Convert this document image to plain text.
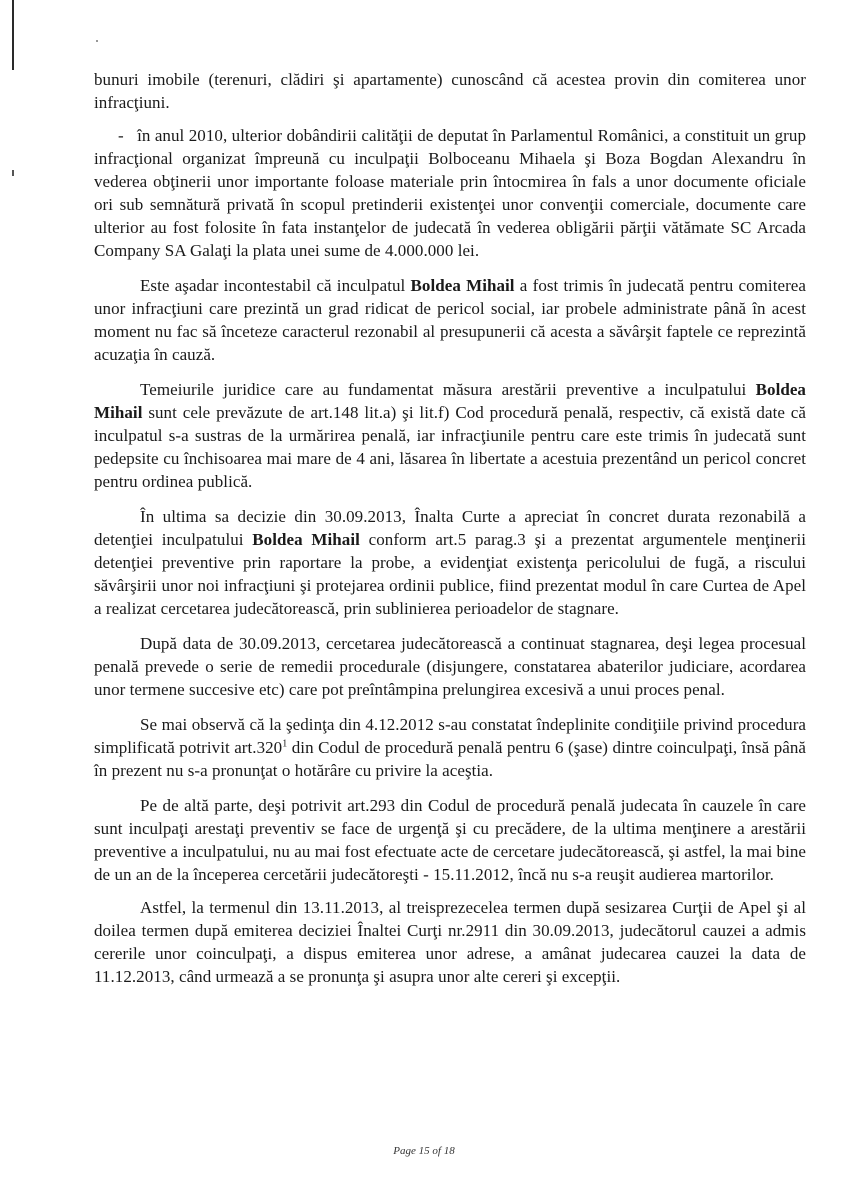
bunuri imobile (terenuri, clădiri şi apartamente) cunoscând că acestea provin din comiterea unor infracţiuni.

- în anul 2010, ulterior dobândirii calităţii de deputat în Parlamentul Românici, a constituit un grup infracţional organizat împreună cu inculpaţii Bolboceanu Mihaela şi Boza Bogdan Alexandru în vederea obţinerii unor importante foloase materiale prin întocmirea în fals a unor documente oficiale ori sub semnătură privată în scopul pretinderii existenţei unor convenţii comerciale, documente care ulterior au fost folosite în fata instanţelor de judecată în vederea obligării părţii vătămate SC Arcada Company SA Galaţi la plata unei sume de 4.000.000 lei.

Este aşadar incontestabil că inculpatul Boldea Mihail a fost trimis în judecată pentru comiterea unor infracţiuni care prezintă un grad ridicat de pericol social, iar probele administrate până în acest moment nu fac să înceteze caracterul rezonabil al presupunerii că acesta a săvârşit faptele ce reprezintă acuzaţia în cauză.

Temeiurile juridice care au fundamentat măsura arestării preventive a inculpatului Boldea Mihail sunt cele prevăzute de art.148 lit.a) şi lit.f) Cod procedură penală, respectiv, că există date că inculpatul s-a sustras de la urmărirea penală, iar infracţiunile pentru care este trimis în judecată sunt pedepsite cu închisoarea mai mare de 4 ani, lăsarea în libertate a acestuia prezentând un pericol concret pentru ordinea publică.

În ultima sa decizie din 30.09.2013, Înalta Curte a apreciat în concret durata rezonabilă a detenţiei inculpatului Boldea Mihail conform art.5 parag.3 şi a prezentat argumentele menţinerii detenţiei preventive prin raportare la probe, a evidenţiat existenţa pericolului de fugă, a riscului săvârşirii unor noi infracţiuni şi protejarea ordinii publice, fiind prezentat modul în care Curtea de Apel a realizat cercetarea judecătorească, prin sublinierea perioadelor de stagnare.

După data de 30.09.2013, cercetarea judecătorească a continuat stagnarea, deşi legea procesual penală prevede o serie de remedii procedurale (disjungere, constatarea abaterilor judiciare, acordarea unor termene succesive etc) care pot preîntâmpina prelungirea excesivă a unui proces penal.

Se mai observă că la şedinţa din 4.12.2012 s-au constatat îndeplinite condiţiile privind procedura simplificată potrivit art.320$^1$ din Codul de procedură penală pentru 6 (şase) dintre coinculpaţi, însă până în prezent nu s-a pronunţat o hotărâre cu privire la aceştia.

Pe de altă parte, deşi potrivit art.293 din Codul de procedură penală judecata în cauzele în care sunt inculpaţi arestaţi preventiv se face de urgenţă şi cu precădere, de la ultima menţinere a arestării preventive a inculpatului, nu au mai fost efectuate acte de cercetare judecătorească, şi astfel, la mai bine de un an de la începerea cercetării judecătoreşti - 15.11.2012, încă nu s-a reuşit audierea martorilor.

Astfel, la termenul din 13.11.2013, al treisprezecelea termen după sesizarea Curţii de Apel şi al doilea termen după emiterea deciziei Înaltei Curţi nr.2911 din 30.09.2013, judecătorul cauzei a admis cererile unor coinculpaţi, a dispus emiterea unor adrese, a amânat judecarea cauzei la data de 11.12.2013, când urmează a se pronunţa şi asupra unor alte cereri şi excepţii.

Page 15 of 18
